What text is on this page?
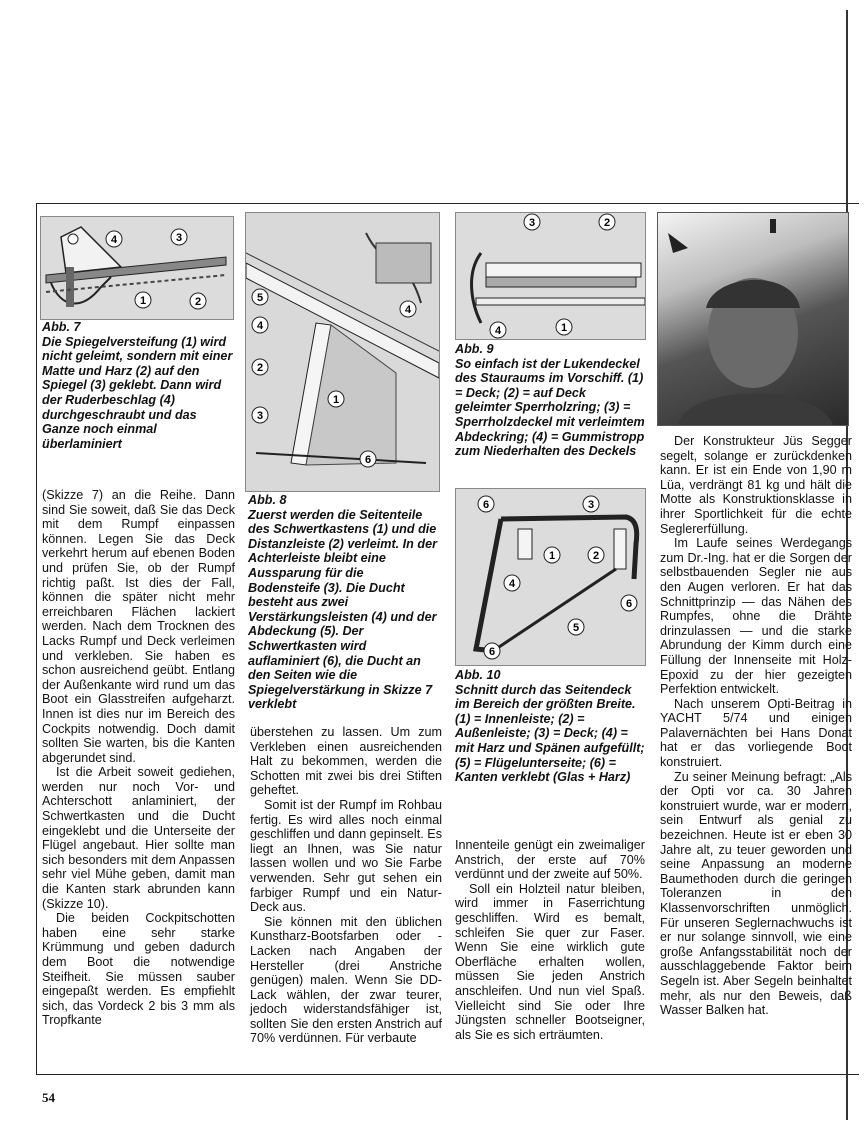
4	3
1	2
Abb. 7
Die Spiegelversteifung (1) wird nicht geleimt, sondern mit einer Matte und Harz (2) auf den Spiegel (3) geklebt. Dann wird der Ruderbeschlag (4) durchgeschraubt und das Ganze noch einmal überlaminiert
5
4
4
2
1
3
6
Abb. 8
Zuerst werden die Seitenteile des Schwertkastens (1) und die Distanzleiste (2) verleimt. In der Achterleiste bleibt eine Aussparung für die Bodensteife (3). Die Ducht besteht aus zwei Verstärkungsleisten (4) und der Abdeckung (5). Der Schwertkasten wird auflaminiert (6), die Ducht an den Seiten wie die Spiegelverstärkung in Skizze 7 verklebt
3	2
4	1
Abb. 9
So einfach ist der Lukendeckel des Stauraums im Vorschiff. (1) = Deck; (2) = auf Deck geleimter Sperrholzring; (3) = Sperrholzdeckel mit verleimtem Abdeckring; (4) = Gummistropp zum Niederhalten des Deckels
6	3
1	2
4
6
5
6
Abb. 10
Schnitt durch das Seitendeck im Bereich der größten Breite. (1) = Innenleiste; (2) = Außenleiste; (3) = Deck; (4) = mit Harz und Spänen aufgefüllt; (5) = Flügelunterseite; (6) = Kanten verklebt (Glas + Harz)

(Skizze 7) an die Reihe. Dann sind Sie soweit, daß Sie das Deck mit dem Rumpf einpassen können. Legen Sie das Deck verkehrt herum auf ebenen Boden und prüfen Sie, ob der Rumpf richtig paßt. Ist dies der Fall, können die später nicht mehr erreichbaren Flächen lackiert werden. Nach dem Trocknen des Lacks Rumpf und Deck verleimen und verkleben. Sie haben es schon ausreichend geübt. Entlang der Außenkante wird rund um das Boot ein Glasstreifen aufgeharzt. Innen ist dies nur im Bereich des Cockpits notwendig. Doch damit sollten Sie warten, bis die Kanten abgerundet sind.

Ist die Arbeit soweit gediehen, werden nur noch Vor- und Achterschott anlaminiert, der Schwertkasten und die Ducht eingeklebt und die Unterseite der Flügel angebaut. Hier sollte man sich besonders mit dem Anpassen sehr viel Mühe geben, damit man die Kanten stark abrunden kann (Skizze 10).

Die beiden Cockpitschotten haben eine sehr starke Krümmung und geben dadurch dem Boot die notwendige Steifheit. Sie müssen sauber eingepaßt werden. Es empfiehlt sich, das Vordeck 2 bis 3 mm als Tropfkante

überstehen zu lassen. Um zum Verkleben einen ausreichenden Halt zu bekommen, werden die Schotten mit zwei bis drei Stiften geheftet.

Somit ist der Rumpf im Rohbau fertig. Es wird alles noch einmal geschliffen und dann gepinselt. Es liegt an Ihnen, was Sie natur lassen wollen und wo Sie Farbe verwenden. Sehr gut sehen ein farbiger Rumpf und ein Natur-Deck aus.

Sie können mit den üblichen Kunstharz-Bootsfarben oder -Lacken nach Angaben der Hersteller (drei Anstriche genügen) malen. Wenn Sie DD-Lack wählen, der zwar teurer, jedoch widerstandsfähiger ist, sollten Sie den ersten Anstrich auf 70% verdünnen. Für verbaute

Innenteile genügt ein zweimaliger Anstrich, der erste auf 70% verdünnt und der zweite auf 50%.

Soll ein Holzteil natur bleiben, wird immer in Faserrichtung geschliffen. Wird es bemalt, schleifen Sie quer zur Faser. Wenn Sie eine wirklich gute Oberfläche erhalten wollen, müssen Sie jeden Anstrich anschleifen. Und nun viel Spaß. Vielleicht sind Sie oder Ihre Jüngsten schneller Bootseigner, als Sie es sich erträumten.

Der Konstrukteur Jüs Segger segelt, solange er zurückdenken kann. Er ist ein Ende von 1,90 m Lüa, verdrängt 81 kg und hält die Motte als Konstruktionsklasse in ihrer Sportlichkeit für die echte Seglererfüllung.

Im Laufe seines Werdegangs zum Dr.-Ing. hat er die Sorgen der selbstbauenden Segler nie aus den Augen verloren. Er hat das Schnittprinzip — das Nähen des Rumpfes, ohne die Drähte drinzulassen — und die starke Abrundung der Kimm durch eine Füllung der Innenseite mit Holz-Epoxid zu der hier gezeigten Perfektion entwickelt.

Nach unserem Opti-Beitrag in YACHT 5/74 und einigen Palavernächten bei Hans Donat hat er das vorliegende Boot konstruiert.

Zu seiner Meinung befragt: „Als der Opti vor ca. 30 Jahren konstruiert wurde, war er modern, sein Entwurf als genial zu bezeichnen. Heute ist er eben 30 Jahre alt, zu teuer geworden und seine Anpassung an moderne Baumethoden durch die geringen Toleranzen in den Klassenvorschriften unmöglich. Für unseren Seglernachwuchs ist er nur solange sinnvoll, wie eine große Anfangsstabilität noch der ausschlaggebende Faktor beim Segeln ist. Aber Segeln beinhaltet mehr, als nur den Beweis, daß Wasser Balken hat.

54
